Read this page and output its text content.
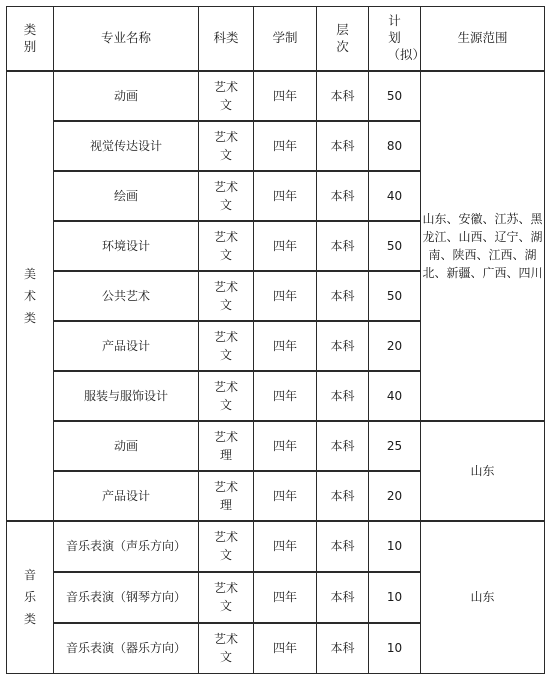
类别	专业名称	科类	学制	层次	计划（拟）	生源范围
美术类	动画	艺术文	四年	本科	50	山东、安徽、江苏、黑龙江、山西、辽宁、湖南、陕西、江西、湖北、新疆、广西、四川

	视觉传达设计	艺术文	四年	本科	80	
	绘画	艺术文	四年	本科	40	
	环境设计	艺术文	四年	本科	50	
	公共艺术	艺术文	四年	本科	50	
	产品设计	艺术文	四年	本科	20	
	服装与服饰设计	艺术文	四年	本科	40	
	动画	艺术理	四年	本科	25	山东
	产品设计	艺术理	四年	本科	20	
音乐类	音乐表演（声乐方向）	艺术文	四年	本科	10	山东
	音乐表演（钢琴方向）	艺术文	四年	本科	10	
	音乐表演（器乐方向）	艺术文	四年	本科	10	
